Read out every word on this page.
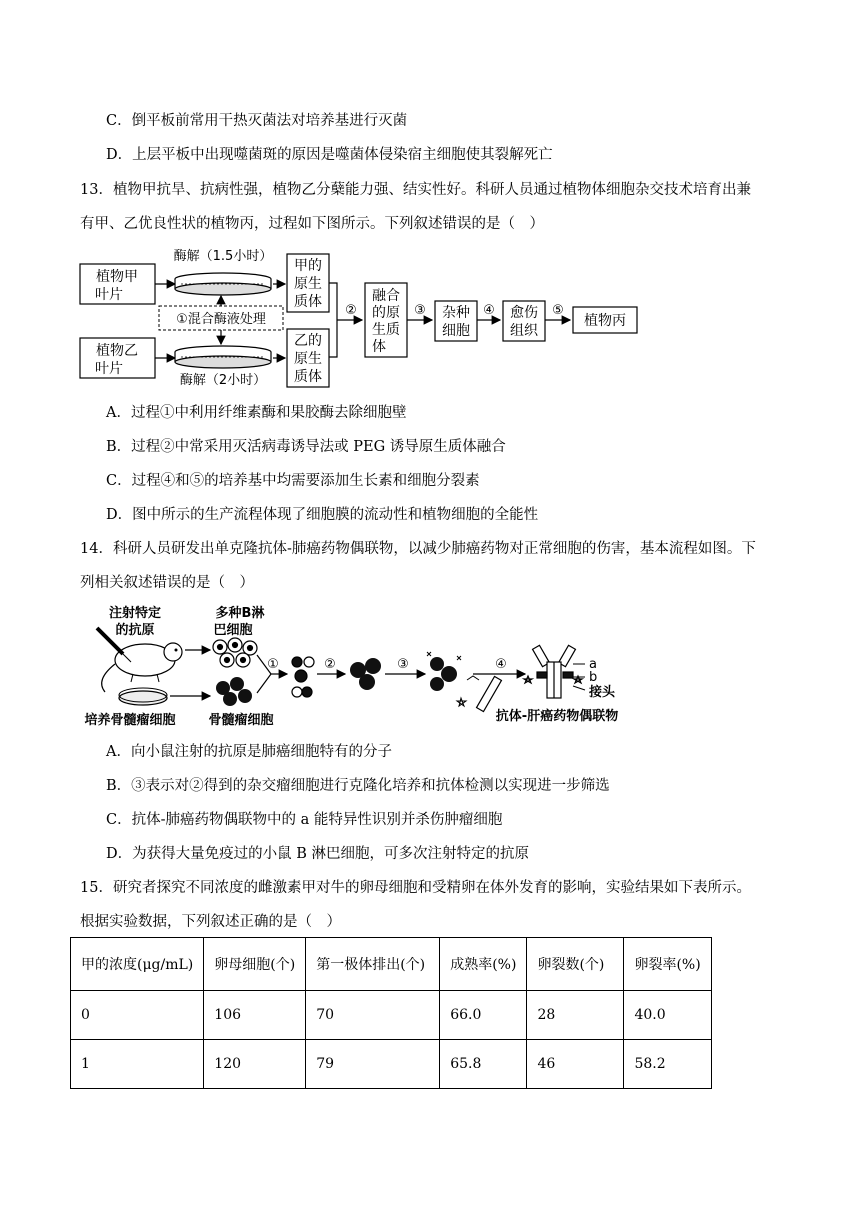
C．倒平板前常用干热灭菌法对培养基进行灭菌
D．上层平板中出现噬菌斑的原因是噬菌体侵染宿主细胞使其裂解死亡
13．植物甲抗旱、抗病性强，植物乙分蘖能力强、结实性好。科研人员通过植物体细胞杂交技术培育出兼
有甲、乙优良性状的植物丙，过程如下图所示。下列叙述错误的是（　）
植物甲
叶片
植物乙
叶片
酶解（1.5小时）
酶解（2小时）
①混合酶液处理
甲的
原生
质体
乙的
原生
质体
②
融合
的原
生质
体
③ 杂种
细胞
④ 愈伤
组织
⑤
植物丙
A．过程①中利用纤维素酶和果胶酶去除细胞壁
B．过程②中常采用灭活病毒诱导法或 PEG 诱导原生质体融合
C．过程④和⑤的培养基中均需要添加生长素和细胞分裂素
D．图中所示的生产流程体现了细胞膜的流动性和植物细胞的全能性
14．科研人员研发出单克隆抗体-肺癌药物偶联物，以减少肺癌药物对正常细胞的伤害，基本流程如图。下
列相关叙述错误的是（　）
注射特定
的抗原
多种B淋
巴细胞
培养骨髓瘤细胞	骨髓瘤细胞
①	②	③	④	a
b
接头
抗体-肝癌药物偶联物
A．向小鼠注射的抗原是肺癌细胞特有的分子
B．③表示对②得到的杂交瘤细胞进行克隆化培养和抗体检测以实现进一步筛选
C．抗体-肺癌药物偶联物中的 a 能特异性识别并杀伤肿瘤细胞
D．为获得大量免疫过的小鼠 B 淋巴细胞，可多次注射特定的抗原
15．研究者探究不同浓度的雌激素甲对牛的卵母细胞和受精卵在体外发育的影响，实验结果如下表所示。
根据实验数据，下列叙述正确的是（　）
甲的浓度(μg/mL)	卵母细胞(个)	第一极体排出(个)	成熟率(%)	卵裂数(个)	卵裂率(%)
0	106	70	66.0	28	40.0
1	120	79	65.8	46	58.2
